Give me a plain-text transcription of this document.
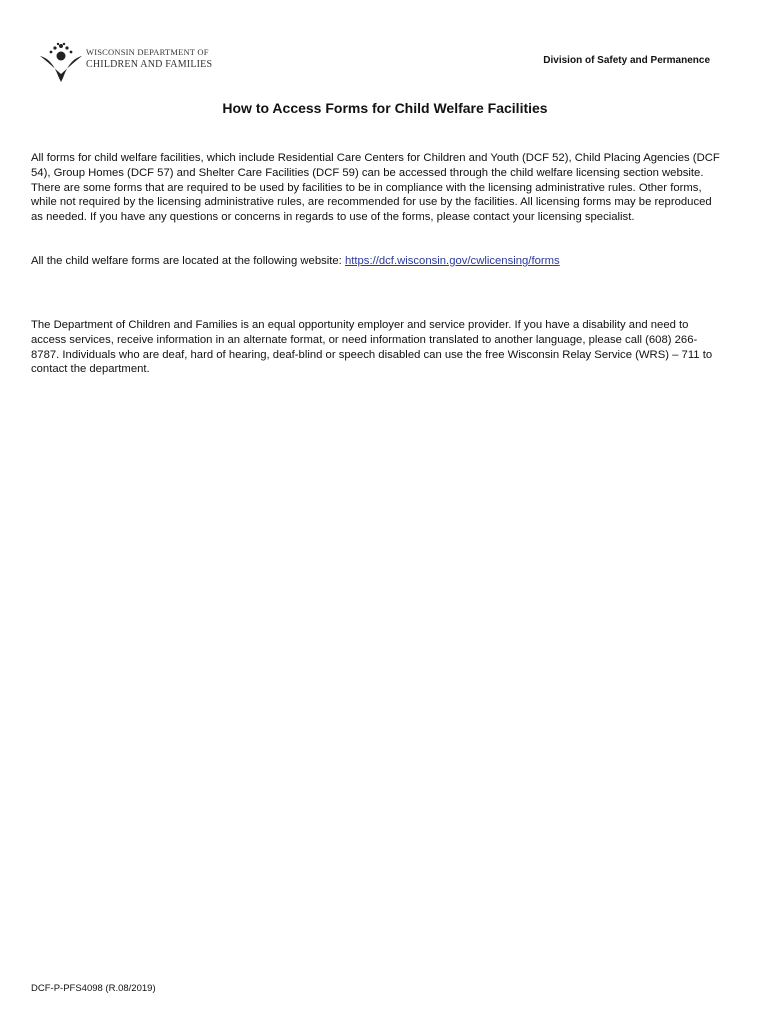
WISCONSIN DEPARTMENT OF
CHILDREN AND FAMILIES	Division of Safety and Permanence
How to Access Forms for Child Welfare Facilities

All forms for child welfare facilities, which include Residential Care Centers for Children and Youth (DCF 52), Child Placing Agencies (DCF 54), Group Homes (DCF 57) and Shelter Care Facilities (DCF 59) can be accessed through the child welfare licensing section website. There are some forms that are required to be used by facilities to be in compliance with the licensing administrative rules. Other forms, while not required by the licensing administrative rules, are recommended for use by the facilities. All licensing forms may be reproduced as needed. If you have any questions or concerns in regards to use of the forms, please contact your licensing specialist.

All the child welfare forms are located at the following website: https://dcf.wisconsin.gov/cwlicensing/forms

The Department of Children and Families is an equal opportunity employer and service provider. If you have a disability and need to access services, receive information in an alternate format, or need information translated to another language, please call (608) 266-8787. Individuals who are deaf, hard of hearing, deaf-blind or speech disabled can use the free Wisconsin Relay Service (WRS) – 711 to contact the department.

DCF-P-PFS4098 (R.08/2019)
